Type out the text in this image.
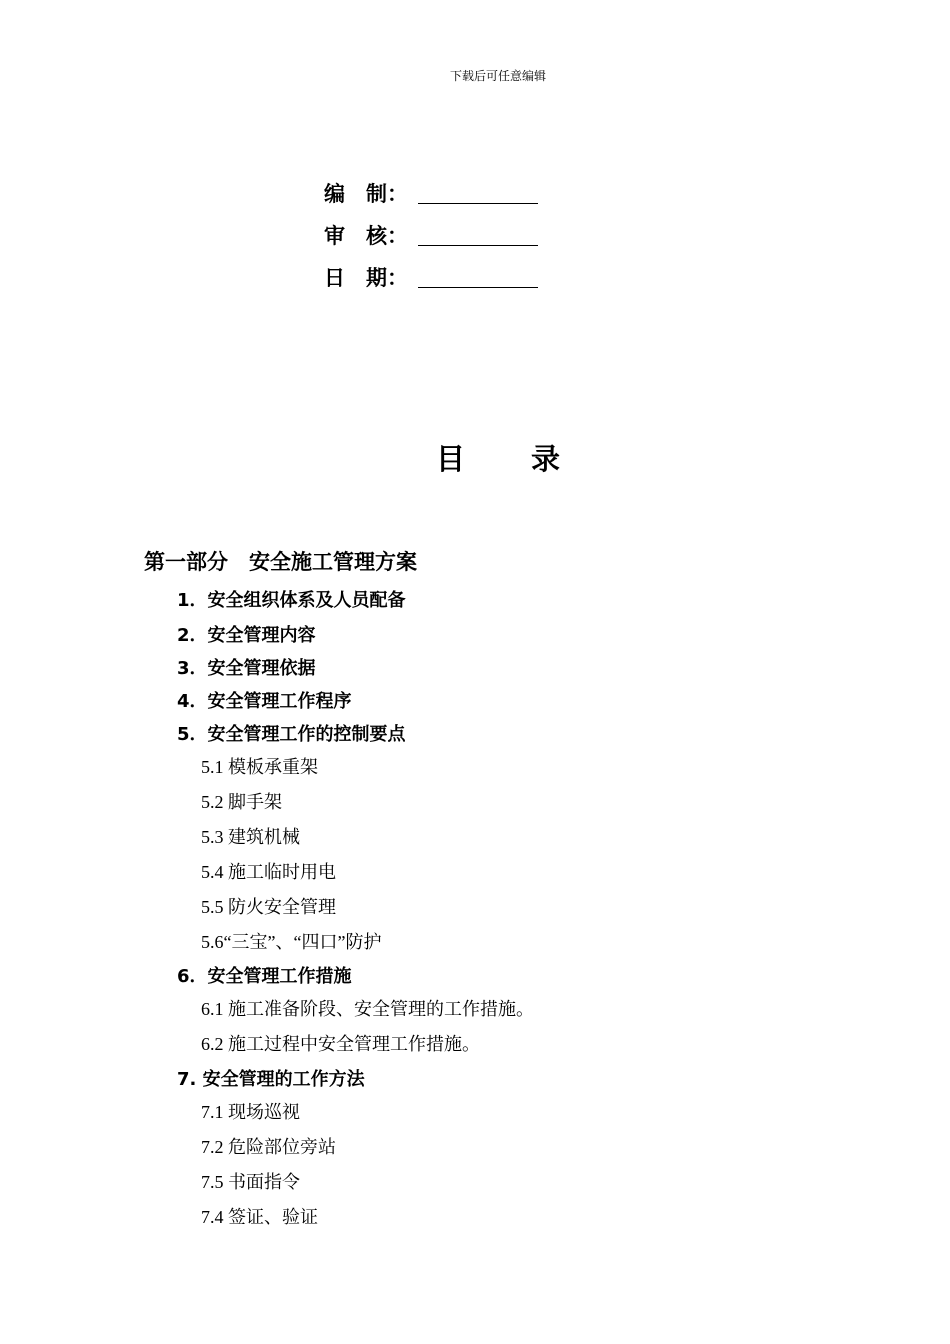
下载后可任意编辑
编　制：
审　核：
日　期：
目录
第一部分　安全施工管理方案
1．安全组织体系及人员配备
2．安全管理内容
3．安全管理依据
4．安全管理工作程序
5．安全管理工作的控制要点
5.1 模板承重架
5.2 脚手架
5.3 建筑机械
5.4 施工临时用电
5.5 防火安全管理
5.6“三宝”、“四口”防护
6．安全管理工作措施
6.1 施工准备阶段、安全管理的工作措施。
6.2 施工过程中安全管理工作措施。
7. 安全管理的工作方法
7.1 现场巡视
7.2 危险部位旁站
7.5 书面指令
7.4 签证、验证
